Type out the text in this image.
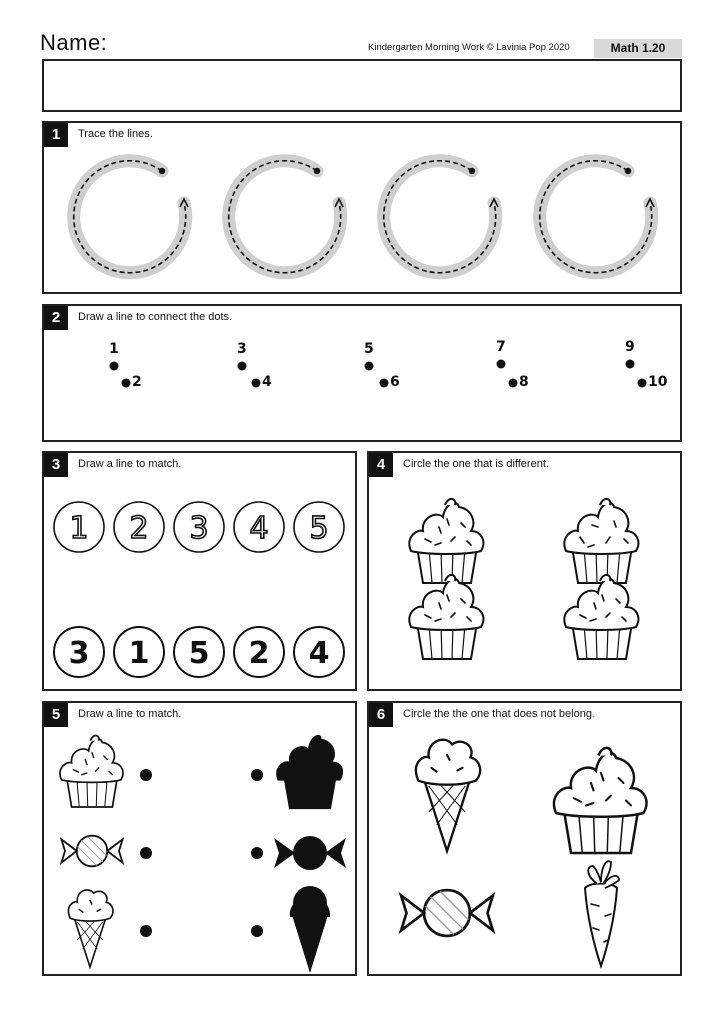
Name:	Kindergarten Morning Work © Lavinia Pop 2020	Math 1.20
1	Trace the lines.
2	Draw a line to connect the dots.
1
2
3
4
5
6
7
8
9
10
3	Draw a line to match.
1 2 3 4 5
3 1 5 2 4
4	Circle the one that is different.
5	Draw a line to match.	6	Circle the the one that does not belong.
